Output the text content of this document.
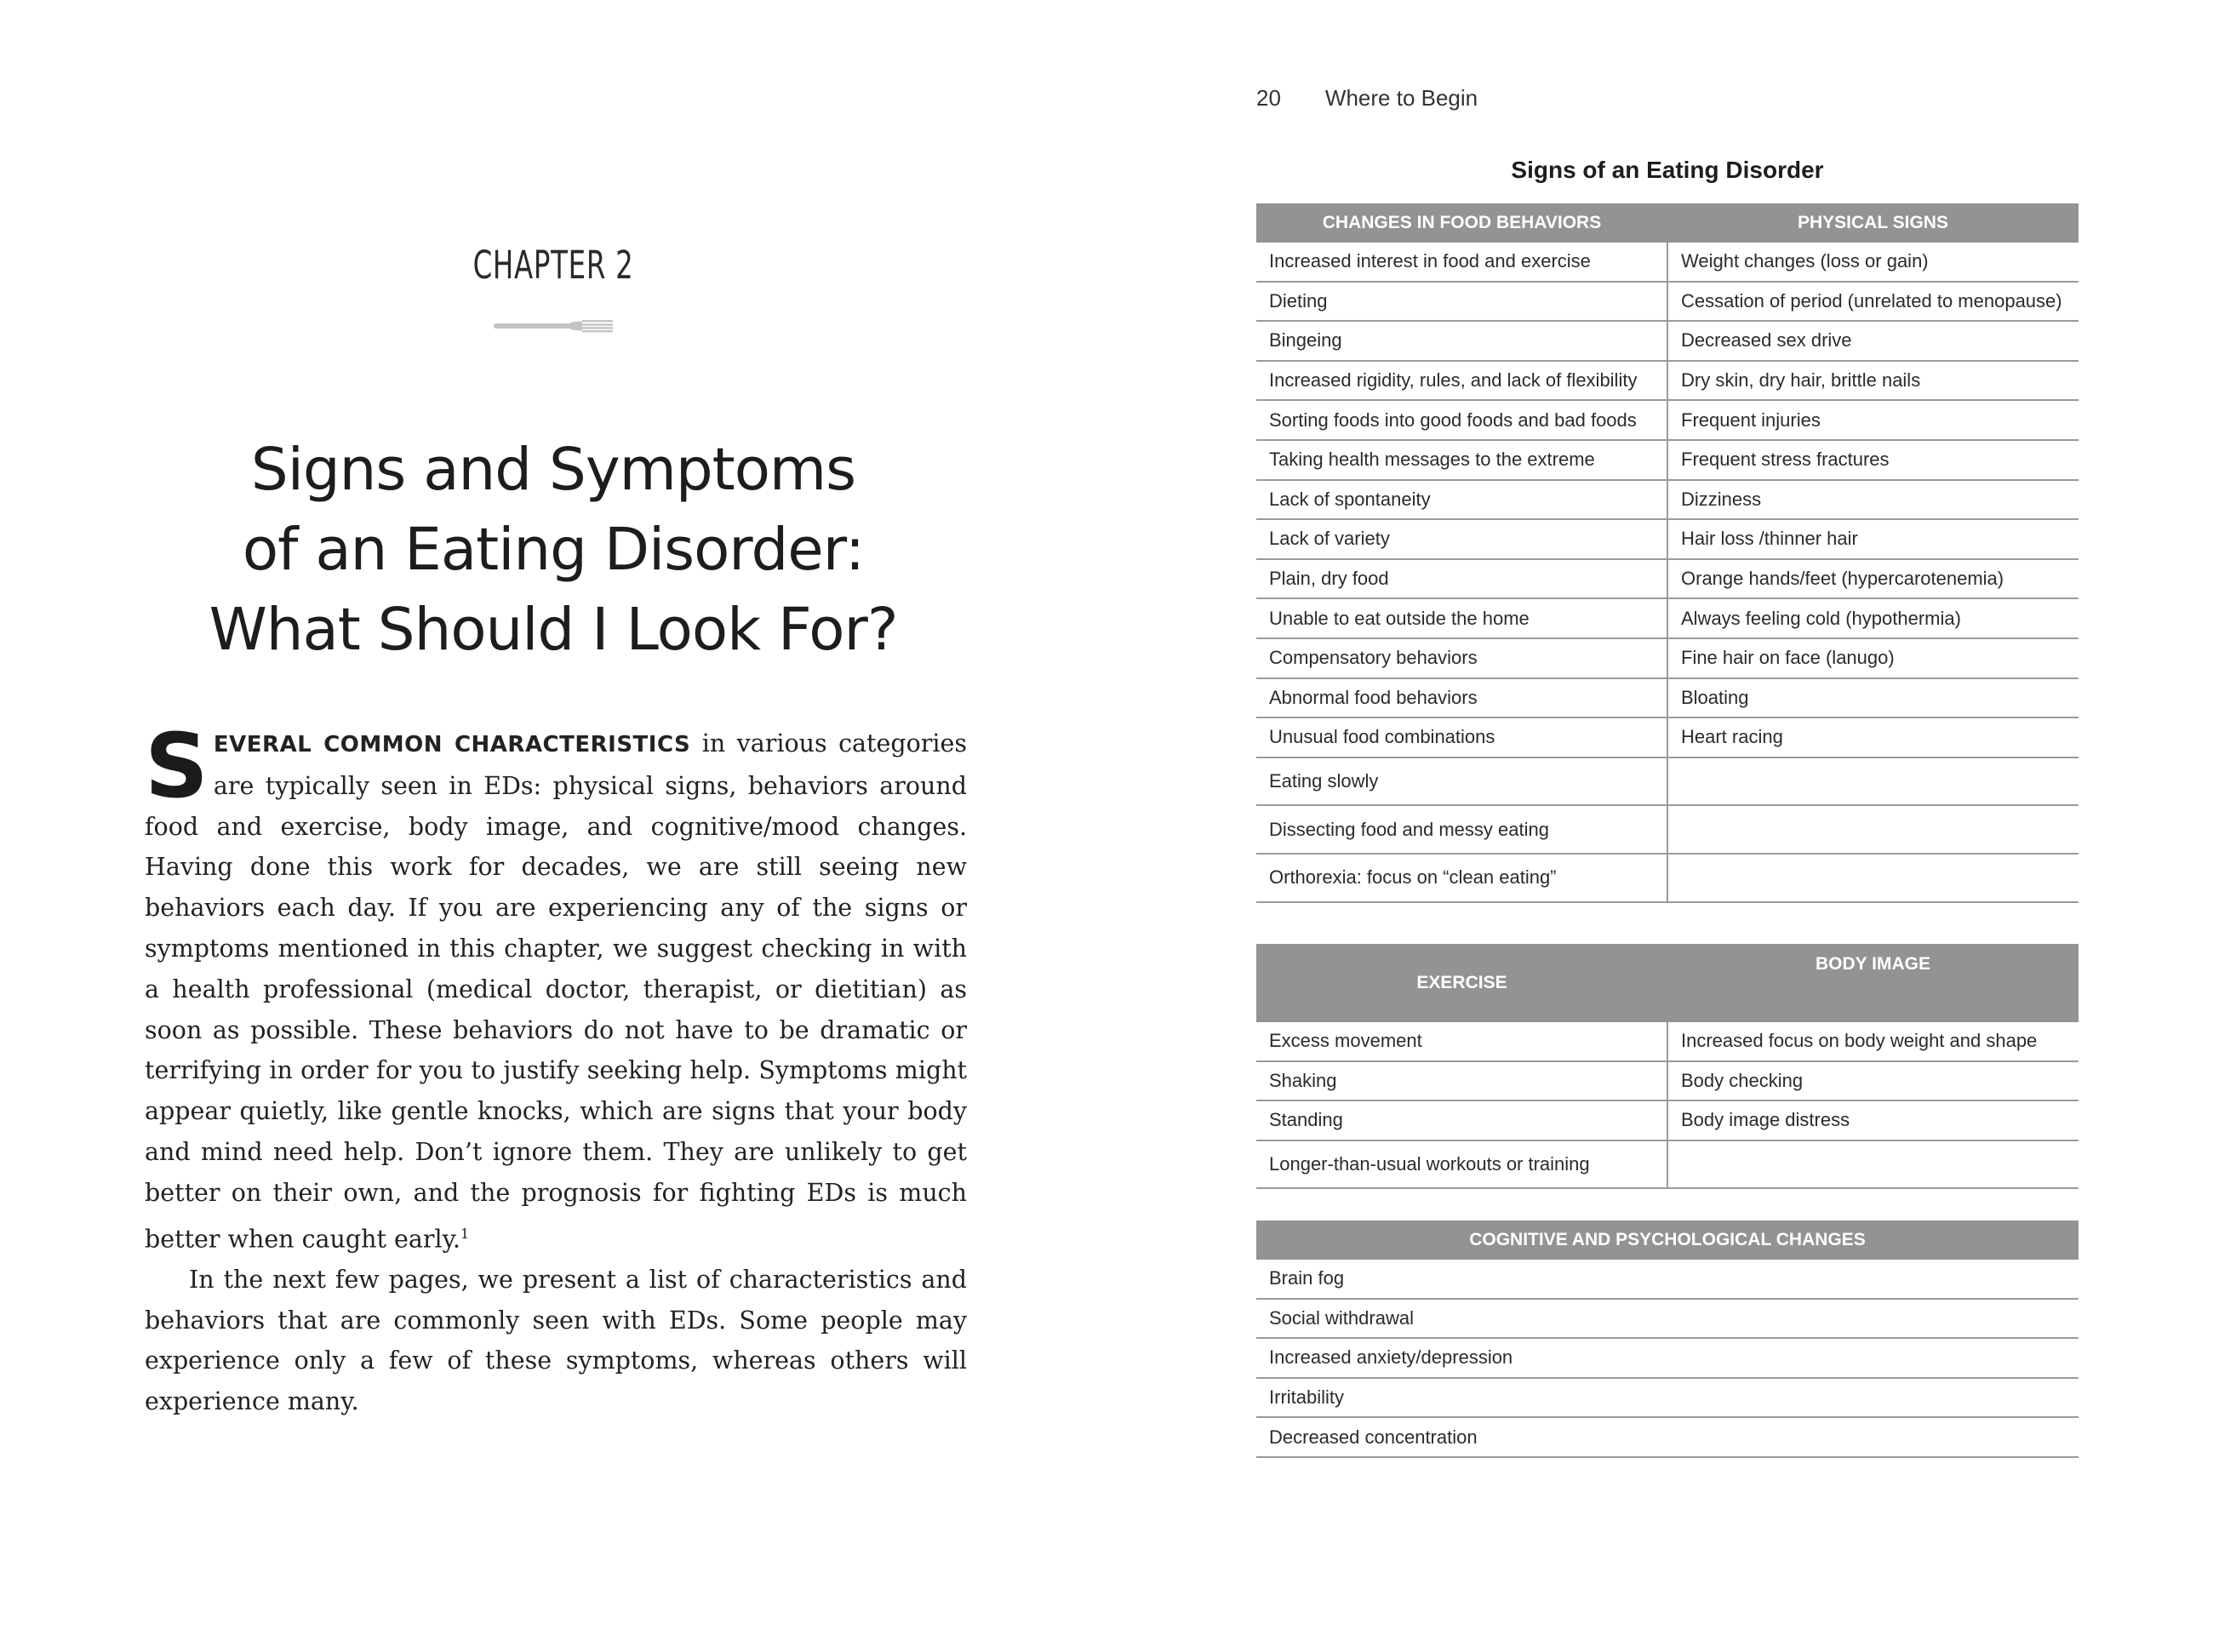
CHAPTER 2
Signs and Symptoms
of an Eating Disorder:
What Should I Look For?

SEVERAL COMMON CHARACTERISTICS in various categories are typically seen in EDs: physical signs, behaviors around food and exercise, body image, and cognitive/mood changes. Having done this work for decades, we are still seeing new behaviors each day. If you are experiencing any of the signs or symptoms mentioned in this chapter, we suggest checking in with a health professional (medical doctor, therapist, or dietitian) as soon as possible. These behaviors do not have to be dramatic or terrifying in order for you to justify seeking help. Symptoms might appear quietly, like gentle knocks, which are signs that your body and mind need help. Don’t ignore them. They are unlikely to get better on their own, and the prognosis for fighting EDs is much better when caught early.$^1$

In the next few pages, we present a list of characteristics and behaviors that are commonly seen with EDs. Some people may experience only a few of these symptoms, whereas others will experience many.

20 Where to Begin
Signs of an Eating Disorder
CHANGES IN FOOD BEHAVIORS	PHYSICAL SIGNS
Increased interest in food and exercise	Weight changes (loss or gain)
Dieting	Cessation of period (unrelated to menopause)
Bingeing	Decreased sex drive
Increased rigidity, rules, and lack of flexibility	Dry skin, dry hair, brittle nails
Sorting foods into good foods and bad foods	Frequent injuries
Taking health messages to the extreme	Frequent stress fractures
Lack of spontaneity	Dizziness
Lack of variety	Hair loss /thinner hair
Plain, dry food	Orange hands/feet (hypercarotenemia)
Unable to eat outside the home	Always feeling cold (hypothermia)
Compensatory behaviors	Fine hair on face (lanugo)
Abnormal food behaviors	Bloating
Unusual food combinations	Heart racing
Eating slowly	
Dissecting food and messy eating	
Orthorexia: focus on “clean eating”	
EXERCISE	BODY IMAGE
Excess movement	Increased focus on body weight and shape
Shaking	Body checking
Standing	Body image distress
Longer-than-usual workouts or training	
COGNITIVE AND PSYCHOLOGICAL CHANGES
Brain fog
Social withdrawal
Increased anxiety/depression
Irritability
Decreased concentration
